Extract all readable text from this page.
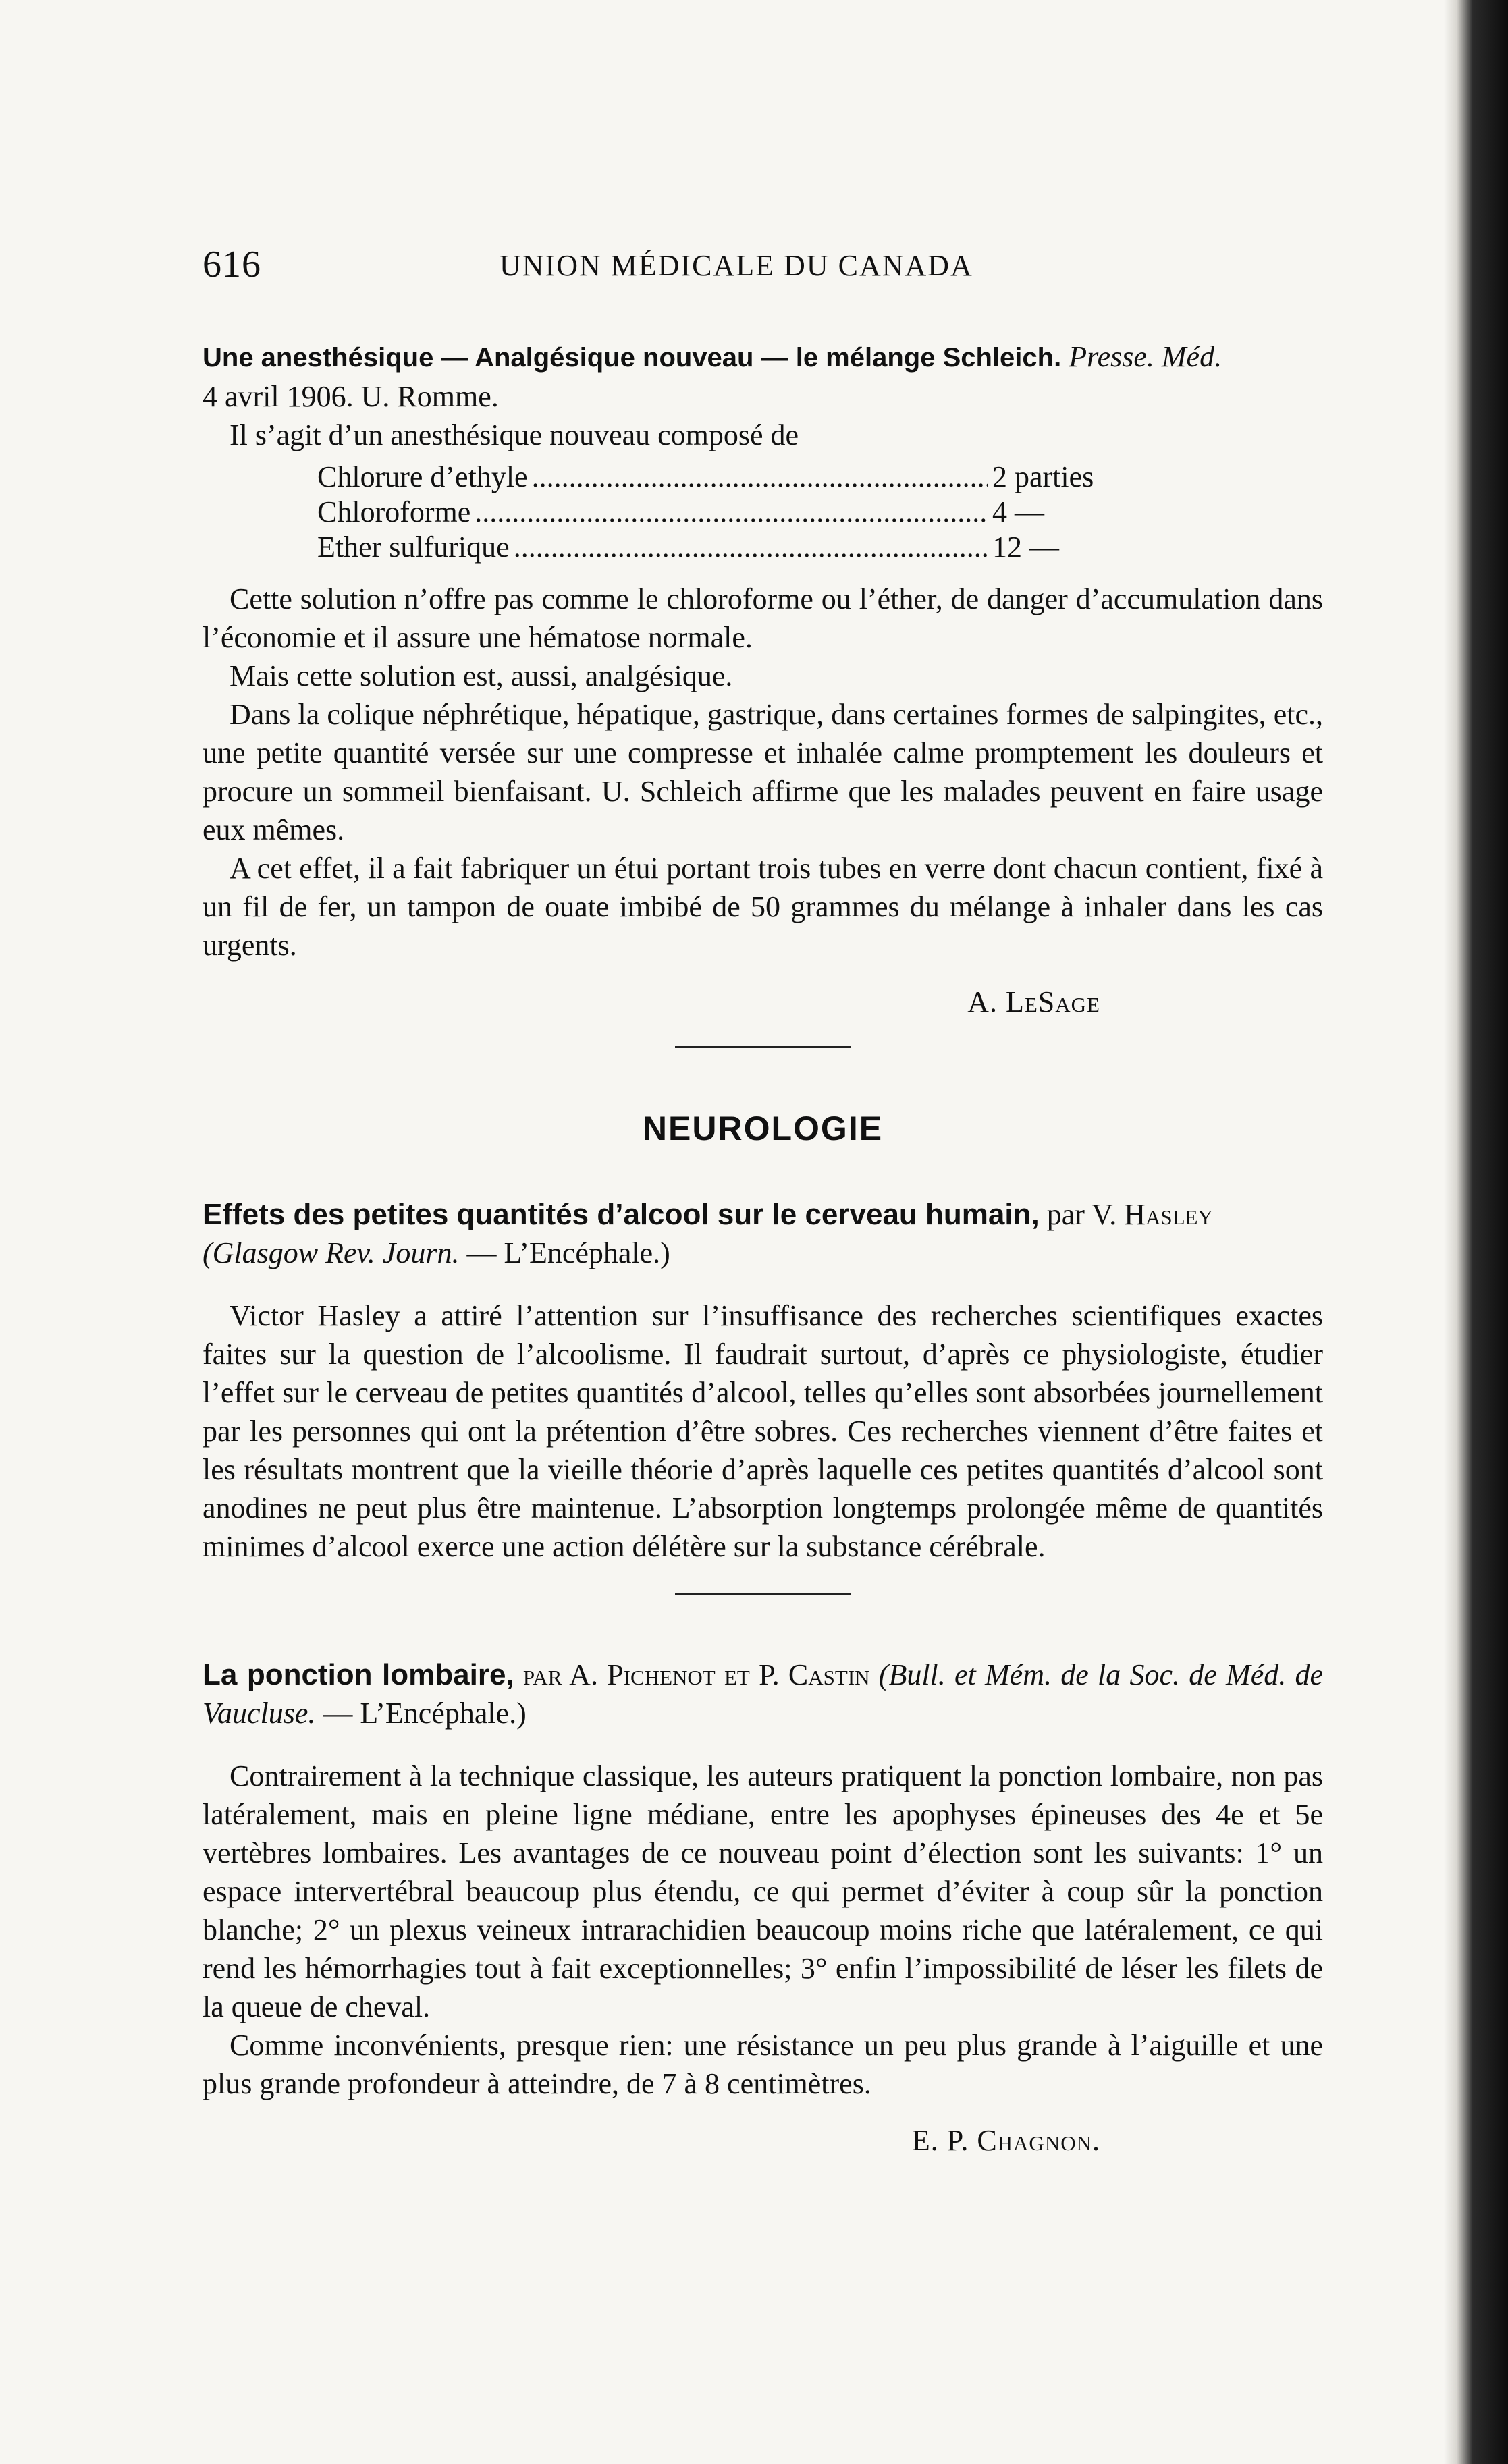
616	UNION MÉDICALE DU CANADA

Une anesthésique — Analgésique nouveau — le mélange Schleich. Presse. Méd.
4 avril 1906. U. Romme.

Il s’agit d’un anesthésique nouveau composé de

Chlorure d’ethyle .....	2 parties
Chloroforme .....	4 —
Ether sulfurique .....	12 —

Cette solution n’offre pas comme le chloroforme ou l’éther, de danger d’accumulation dans l’économie et il assure une hématose normale.

Mais cette solution est, aussi, analgésique.

Dans la colique néphrétique, hépatique, gastrique, dans certaines formes de salpingites, etc., une petite quantité versée sur une compresse et inhalée calme promptement les douleurs et procure un sommeil bienfaisant. U. Schleich affirme que les malades peuvent en faire usage eux mêmes.

A cet effet, il a fait fabriquer un étui portant trois tubes en verre dont chacun contient, fixé à un fil de fer, un tampon de ouate imbibé de 50 grammes du mélange à inhaler dans les cas urgents.

A. LeSage
NEUROLOGIE

Effets des petites quantités d’alcool sur le cerveau humain, par V. Hasley
(Glasgow Rev. Journ. — L’Encéphale.)

Victor Hasley a attiré l’attention sur l’insuffisance des recherches scientifiques exactes faites sur la question de l’alcoolisme. Il faudrait surtout, d’après ce physiologiste, étudier l’effet sur le cerveau de petites quantités d’alcool, telles qu’elles sont absorbées journellement par les personnes qui ont la prétention d’être sobres. Ces recherches viennent d’être faites et les résultats montrent que la vieille théorie d’après laquelle ces petites quantités d’alcool sont anodines ne peut plus être maintenue. L’absorption longtemps prolongée même de quantités minimes d’alcool exerce une action délétère sur la substance cérébrale.

La ponction lombaire, par A. Pichenot et P. Castin (Bull. et Mém. de la Soc. de Méd. de Vaucluse. — L’Encéphale.)

Contrairement à la technique classique, les auteurs pratiquent la ponction lombaire, non pas latéralement, mais en pleine ligne médiane, entre les apophyses épineuses des 4e et 5e vertèbres lombaires. Les avantages de ce nouveau point d’élection sont les suivants: 1° un espace intervertébral beaucoup plus étendu, ce qui permet d’éviter à coup sûr la ponction blanche; 2° un plexus veineux intrarachidien beaucoup moins riche que latéralement, ce qui rend les hémorrhagies tout à fait exceptionnelles; 3° enfin l’impossibilité de léser les filets de la queue de cheval.

Comme inconvénients, presque rien: une résistance un peu plus grande à l’aiguille et une plus grande profondeur à atteindre, de 7 à 8 centimètres.

E. P. Chagnon.
